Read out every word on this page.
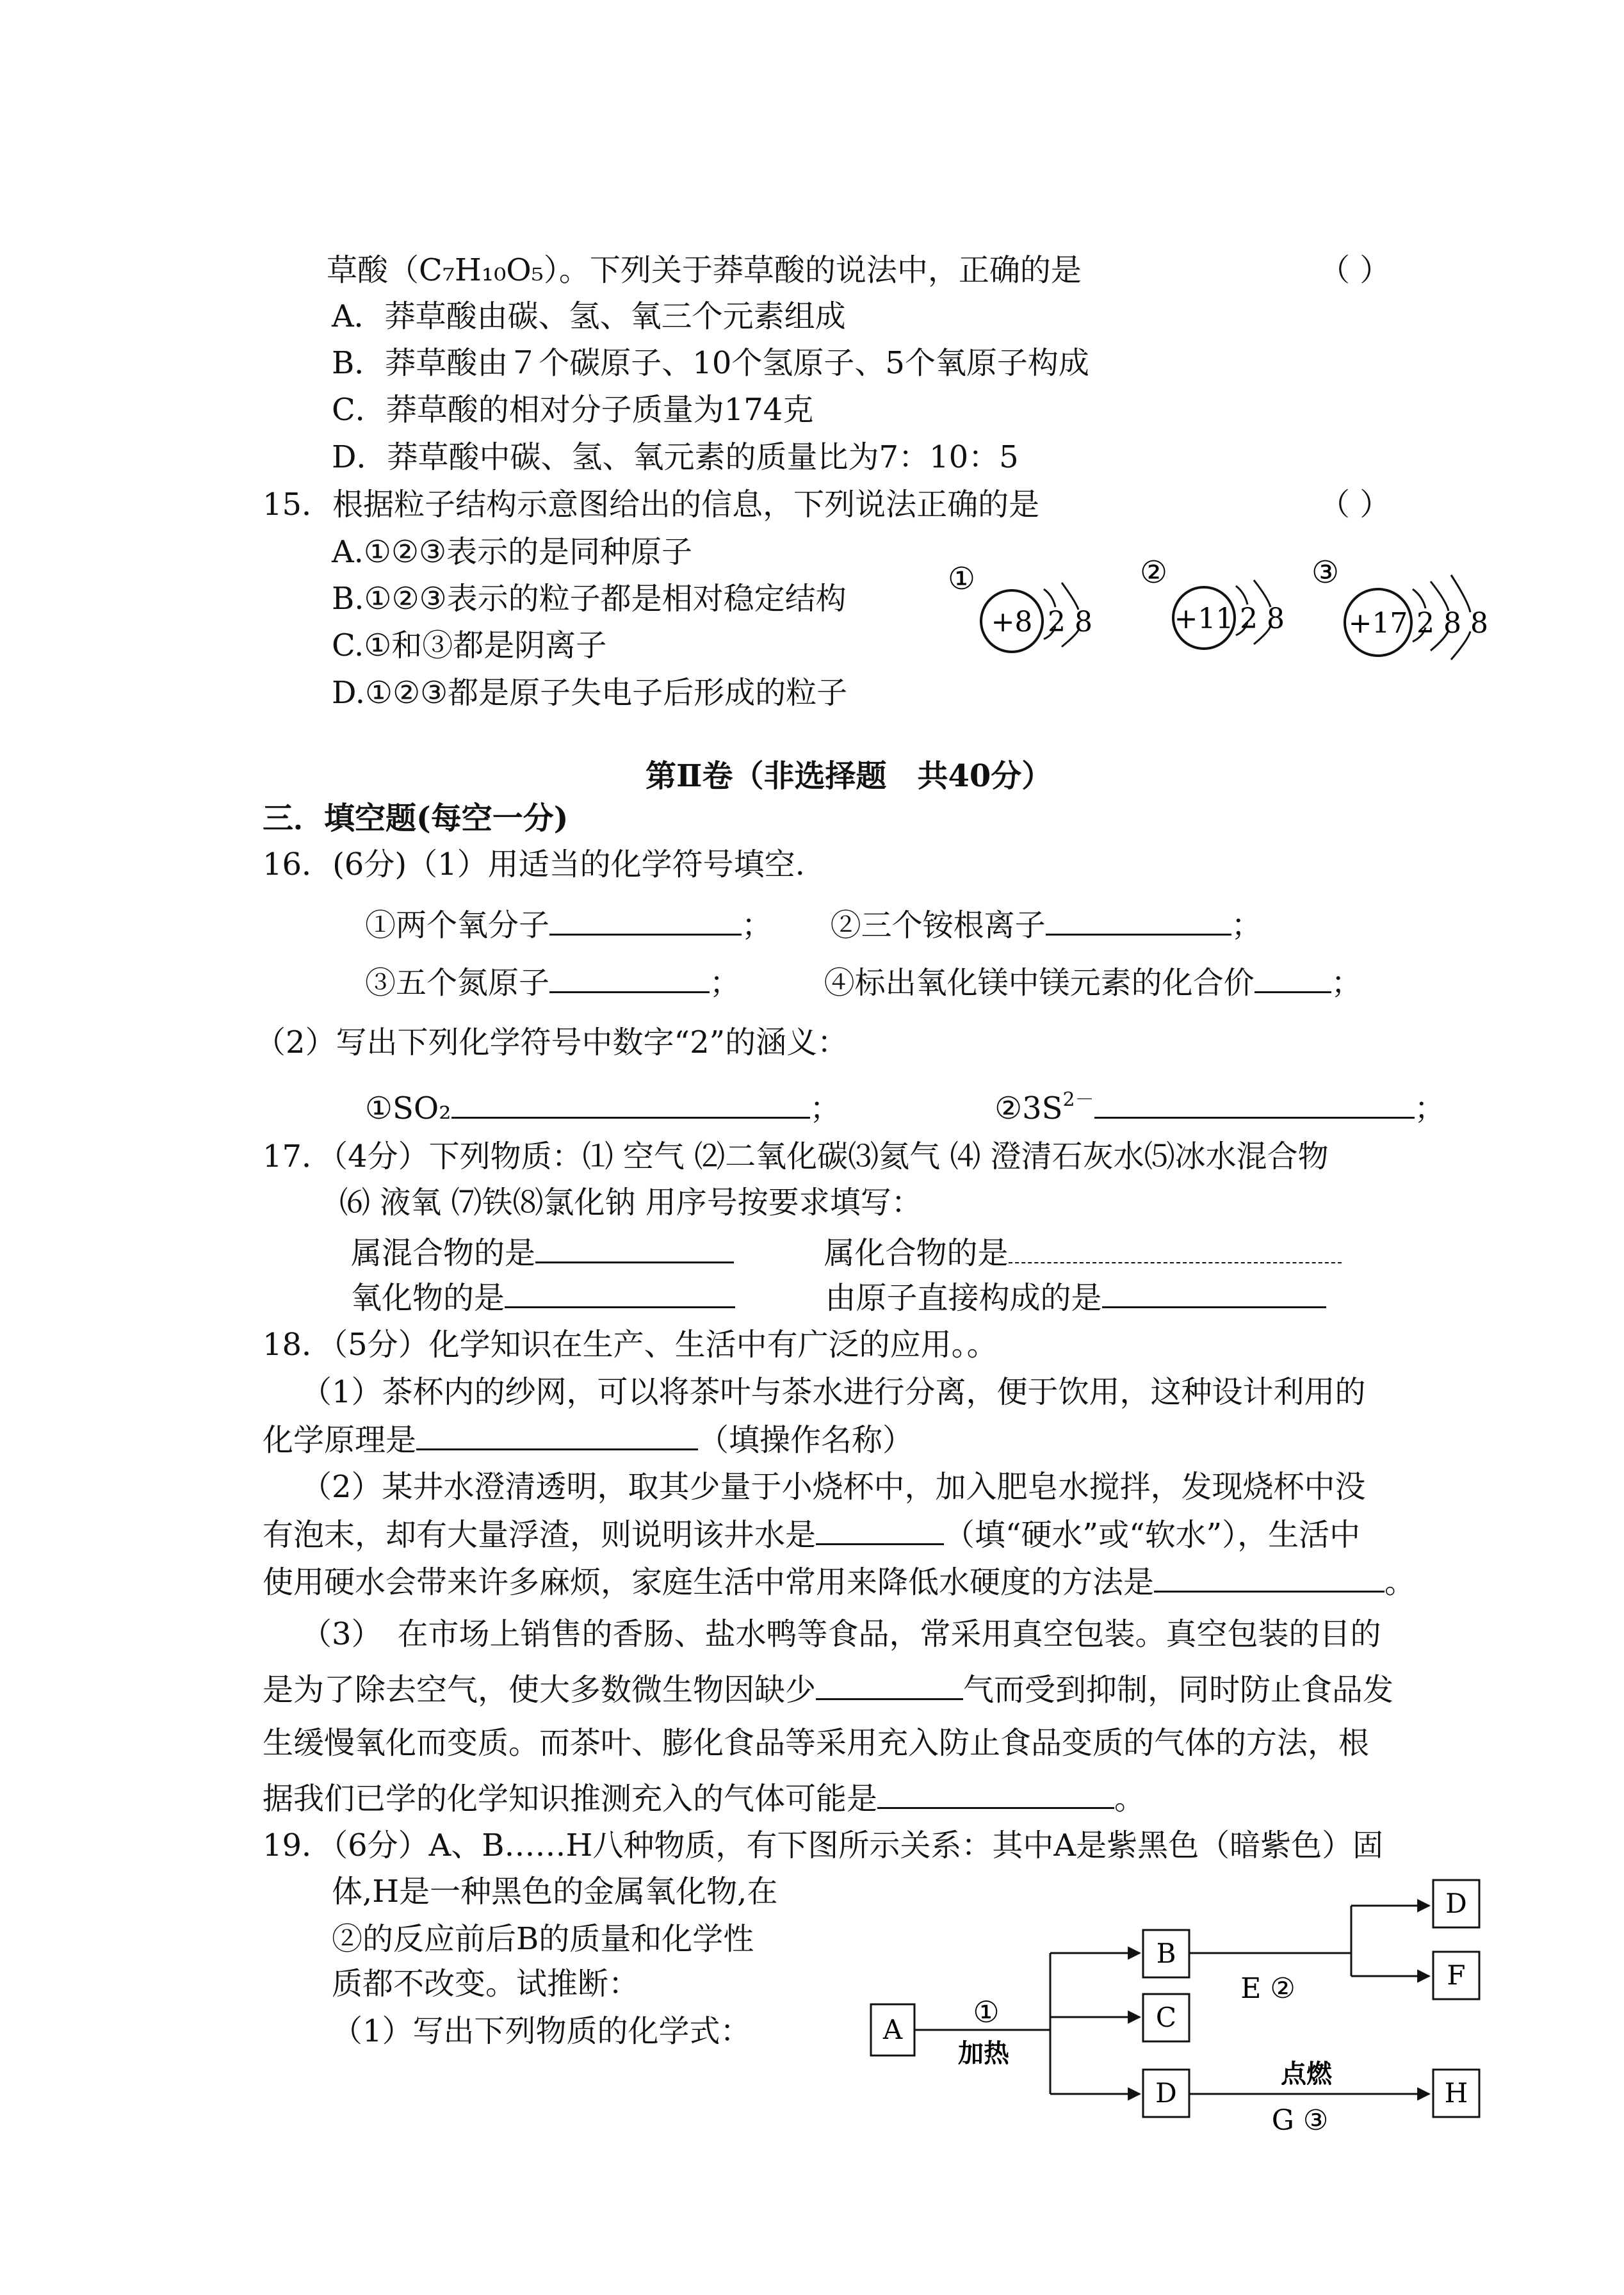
草酸（C₇H₁₀O₅）。下列关于莽草酸的说法中，正确的是	（ ）
A．莽草酸由碳、氢、氧三个元素组成
B．莽草酸由７个碳原子、10个氢原子、5个氧原子构成
C．莽草酸的相对分子质量为174克
D．莽草酸中碳、氢、氧元素的质量比为7：10：5
15．根据粒子结构示意图给出的信息，下列说法正确的是	（ ）
A.①②③表示的是同种原子
B.①②③表示的粒子都是相对稳定结构
C.①和③都是阴离子
D.①②③都是原子失电子后形成的粒子
①
+8 2 8
②
+11 2 8
③
+17 2 8 8
第Ⅱ卷（非选择题　共40分）
三．填空题(每空一分)
16．(6分)（1）用适当的化学符号填空.
①两个氧分子	； ②三个铵根离子	；
③五个氮原子	；	④标出氧化镁中镁元素的化合价	；
（2）写出下列化学符号中数字“2”的涵义：
①SO₂	；	$②3S^{2-}$	；
17．（4分）下列物质：⑴ 空气 ⑵二氧化碳⑶氦气 ⑷ 澄清石灰水⑸冰水混合物
⑹ 液氧 ⑺铁⑻氯化钠 用序号按要求填写：
属混合物的是	属化合物的是
氧化物的是	由原子直接构成的是
18．（5分）化学知识在生产、生活中有广泛的应用。。
（1）茶杯内的纱网，可以将茶叶与茶水进行分离，便于饮用，这种设计利用的
化学原理是	（填操作名称）
（2）某井水澄清透明，取其少量于小烧杯中，加入肥皂水搅拌，发现烧杯中没
有泡末，却有大量浮渣，则说明该井水是	（填“硬水”或“软水”），生活中
使用硬水会带来许多麻烦，家庭生活中常用来降低水硬度的方法是	。
（3）　在市场上销售的香肠、盐水鸭等食品，常采用真空包装。真空包装的目的
是为了除去空气，使大多数微生物因缺少	气而受到抑制，同时防止食品发
生缓慢氧化而变质。而茶叶、膨化食品等采用充入防止食品变质的气体的方法，根
据我们已学的化学知识推测充入的气体可能是	。
19．（6分）A、B……H八种物质，有下图所示关系：其中A是紫黑色（暗紫色）固
体,H是一种黑色的金属氧化物,在
②的反应前后B的质量和化学性
质都不改变。试推断：
（1）写出下列物质的化学式：	A
①
加热
B
C
D
E ②
D
F
点燃
G ③
H
